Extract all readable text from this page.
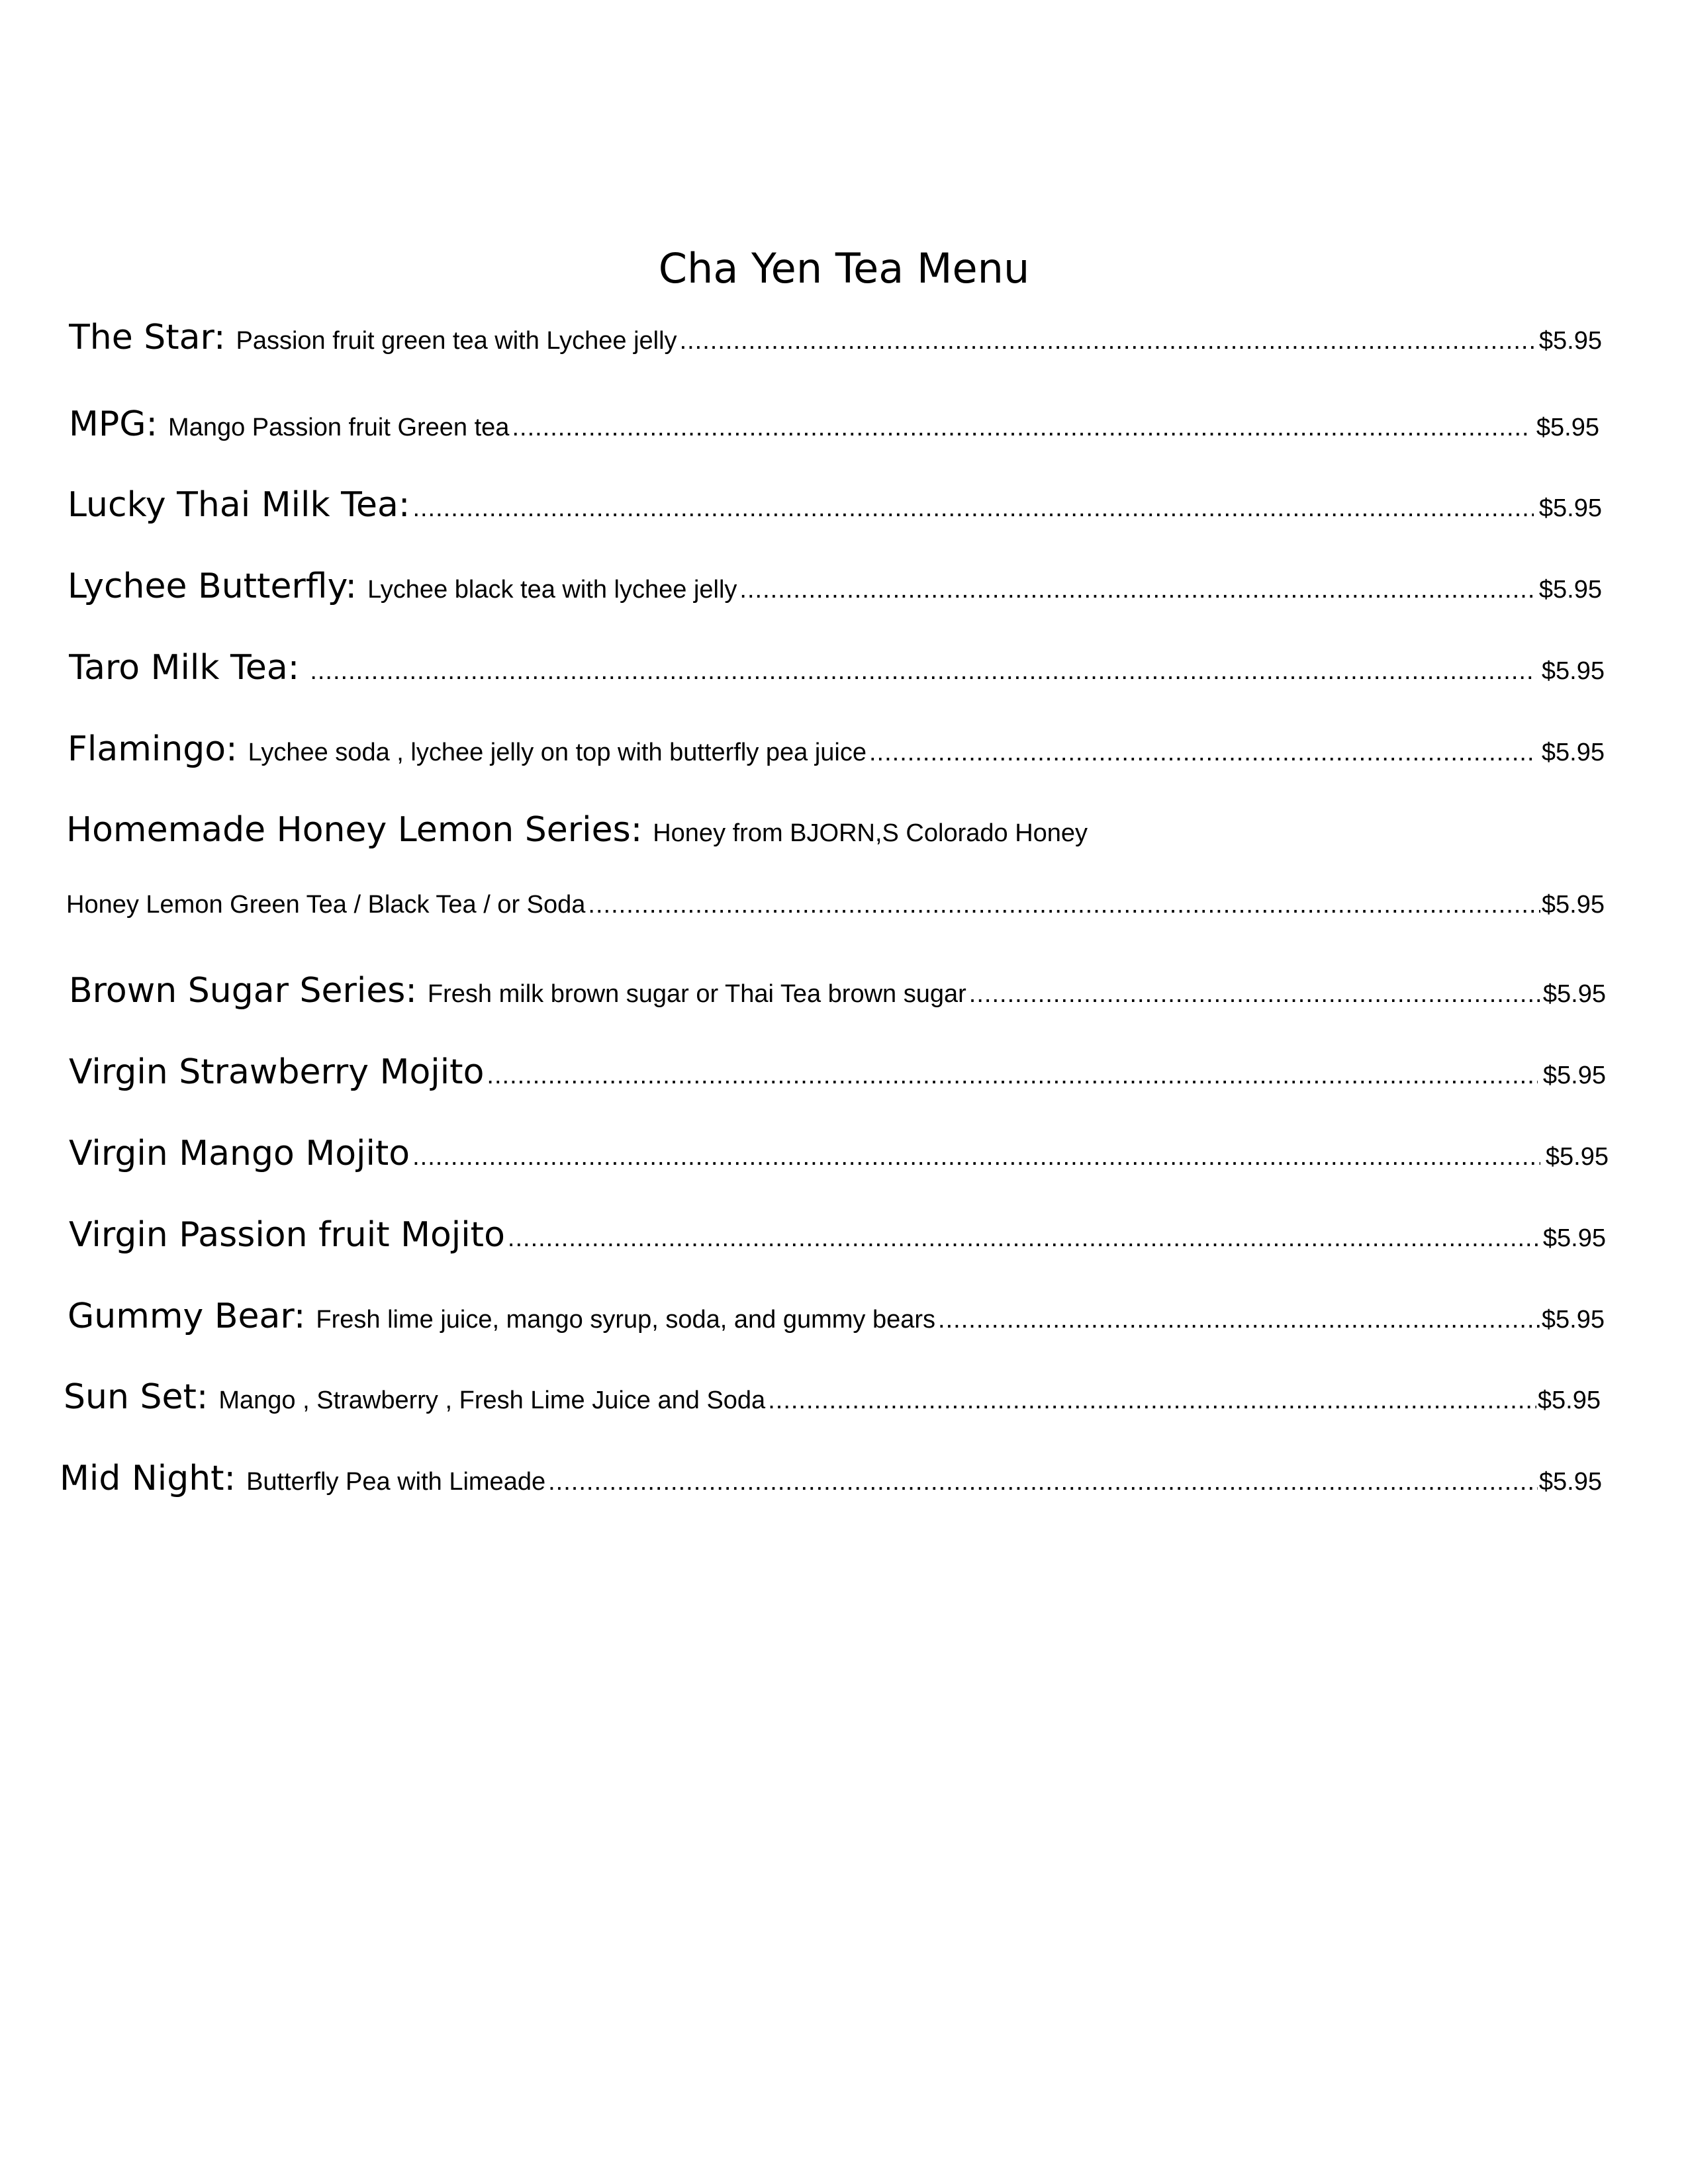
Cha Yen Tea Menu
The Star: Passion fruit green tea with Lychee jelly .....	$5.95
MPG: Mango Passion fruit Green tea .....	$5.95
Lucky Thai Milk Tea: .....	$5.95
Lychee Butterfly: Lychee black tea with lychee jelly .....	$5.95
Taro Milk Tea: .....	$5.95
Flamingo: Lychee soda , lychee jelly on top with butterfly pea juice .....	$5.95
Homemade Honey Lemon Series: Honey from BJORN,S Colorado Honey
Honey Lemon Green Tea / Black Tea / or Soda .....	$5.95
Brown Sugar Series: Fresh milk brown sugar or Thai Tea brown sugar .....	$5.95
Virgin Strawberry Mojito .....	$5.95
Virgin Mango Mojito .....	$5.95
Virgin Passion fruit Mojito .....	$5.95
Gummy Bear: Fresh lime juice, mango syrup, soda, and gummy bears .....	$5.95
Sun Set: Mango , Strawberry , Fresh Lime Juice and Soda .....	$5.95
Mid Night: Butterfly Pea with Limeade .....	$5.95
